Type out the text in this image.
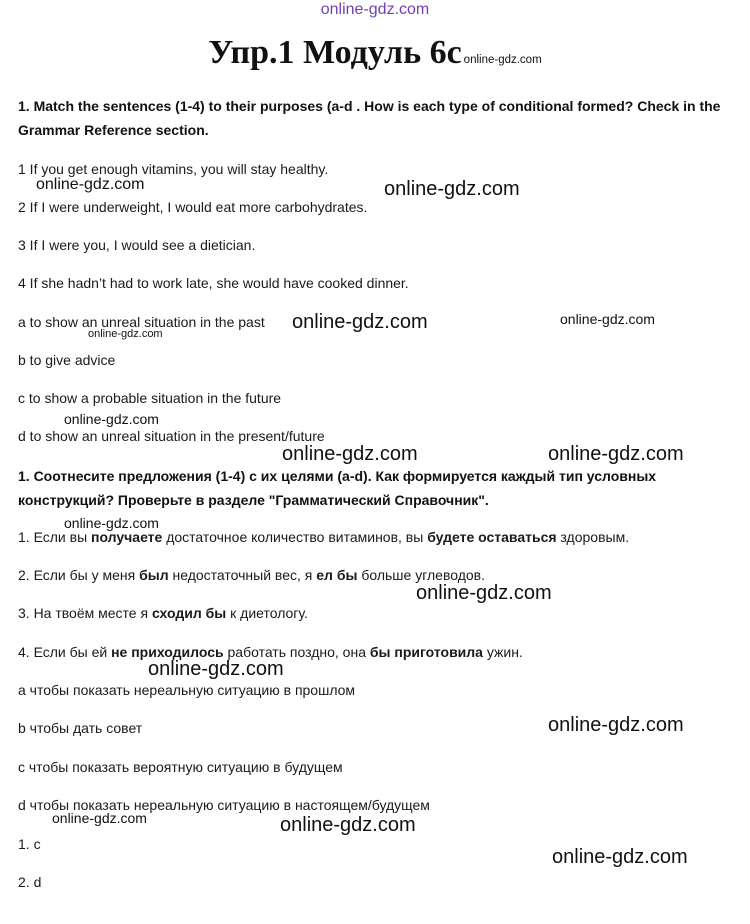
online-gdz.com
Упр.1 Модуль 6с online-gdz.com
1. Match the sentences (1-4) to their purposes (a-d . How is each type of conditional formed? Check in the Grammar Reference section.
1 If you get enough vitamins, you will stay healthy.
2 If I were underweight, I would eat more carbohydrates.
3 If I were you, I would see a dietician.
4 If she hadn’t had to work late, she would have cooked dinner.
a to show an unreal situation in the past
b to give advice
c to show a probable situation in the future
d to show an unreal situation in the present/future
1. Соотнесите предложения (1-4) с их целями (a-d). Как формируется каждый тип условных конструкций? Проверьте в разделе "Грамматический Справочник".
1. Если вы получаете достаточное количество витаминов, вы будете оставаться здоровым.
2. Если бы у меня был недостаточный вес, я ел бы больше углеводов.
3. На твоём месте я сходил бы к диетологу.
4. Если бы ей не приходилось работать поздно, она бы приготовила ужин.
а чтобы показать нереальную ситуацию в прошлом
b чтобы дать совет
с чтобы показать вероятную ситуацию в будущем
d чтобы показать нереальную ситуацию в настоящем/будущем
1. с
2. d
online-gdz.com	online-gdz.com
online-gdz.com	online-gdz.com
online-gdz.com
online-gdz.com
online-gdz.com	online-gdz.com
online-gdz.com
online-gdz.com
online-gdz.com
online-gdz.com
online-gdz.com	online-gdz.com
online-gdz.com
